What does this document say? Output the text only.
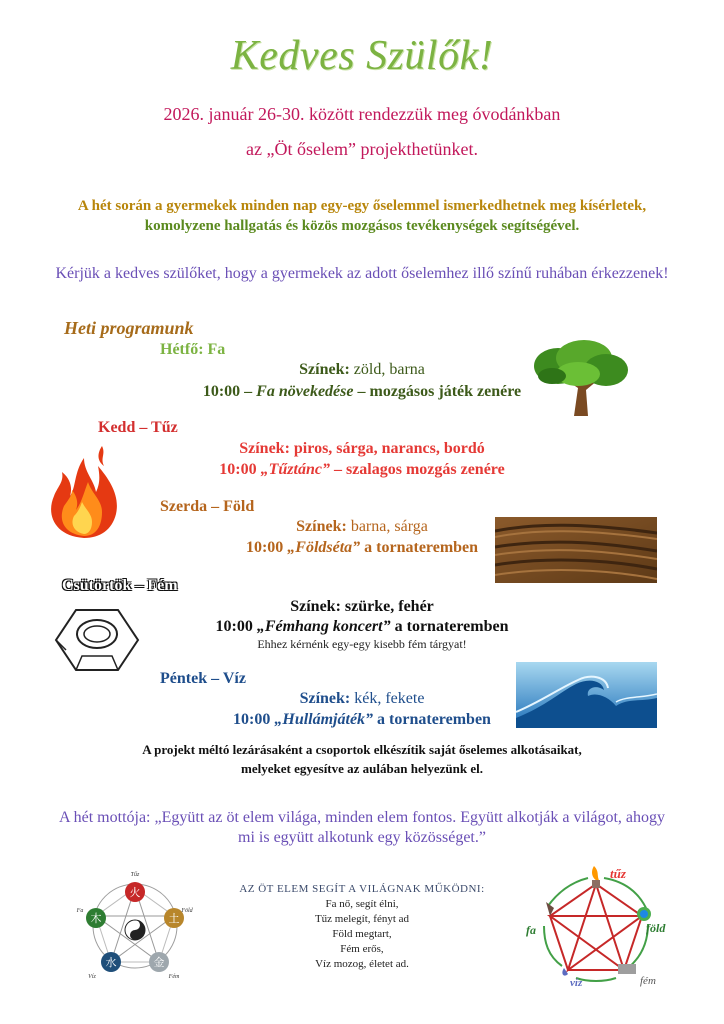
Kedves Szülők!
2026. január 26-30. között rendezzük meg óvodánkban
az „Öt őselem” projekthetünket.
A hét során a gyermekek minden nap egy-egy őselemmel ismerkedhetnek meg kísérletek,
komolyzene hallgatás és közös mozgásos tevékenységek segítségével.
Kérjük a kedves szülőket, hogy a gyermekek az adott őselemhez illő színű ruhában érkezzenek!
Heti programunk
Hétfő: Fa
Színek: zöld, barna
10:00 – Fa növekedése – mozgásos játék zenére
Kedd – Tűz
Színek: piros, sárga, narancs, bordó
10:00 „Tűztánc” – szalagos mozgás zenére
Szerda – Föld
Színek: barna, sárga
10:00 „Földséta” a tornateremben
Csütörtök – Fém
Színek: szürke, fehér
10:00 „Fémhang koncert” a tornateremben
Ehhez kérnénk egy-egy kisebb fém tárgyat!
Péntek – Víz
Színek: kék, fekete
10:00 „Hullámjáték” a tornateremben
A projekt méltó lezárásaként a csoportok elkészítik saját őselemes alkotásaikat,
melyeket egyesítve az aulában helyezünk el.
A hét mottója: „Együtt az öt elem világa, minden elem fontos. Együtt alkotják a világot, ahogy
mi is együtt alkotunk egy közösséget.”
AZ ÖT ELEM SEGÍT A VILÁGNAK MŰKÖDNI:
Fa nő, segít élni,
Tűz melegít, fényt ad
Föld megtart,
Fém erős,
Víz mozog, életet ad.
火
土
金
水
木
Tűz
Föld
Fém
Víz
Fa
tűz
föld
fém
víz
fa
